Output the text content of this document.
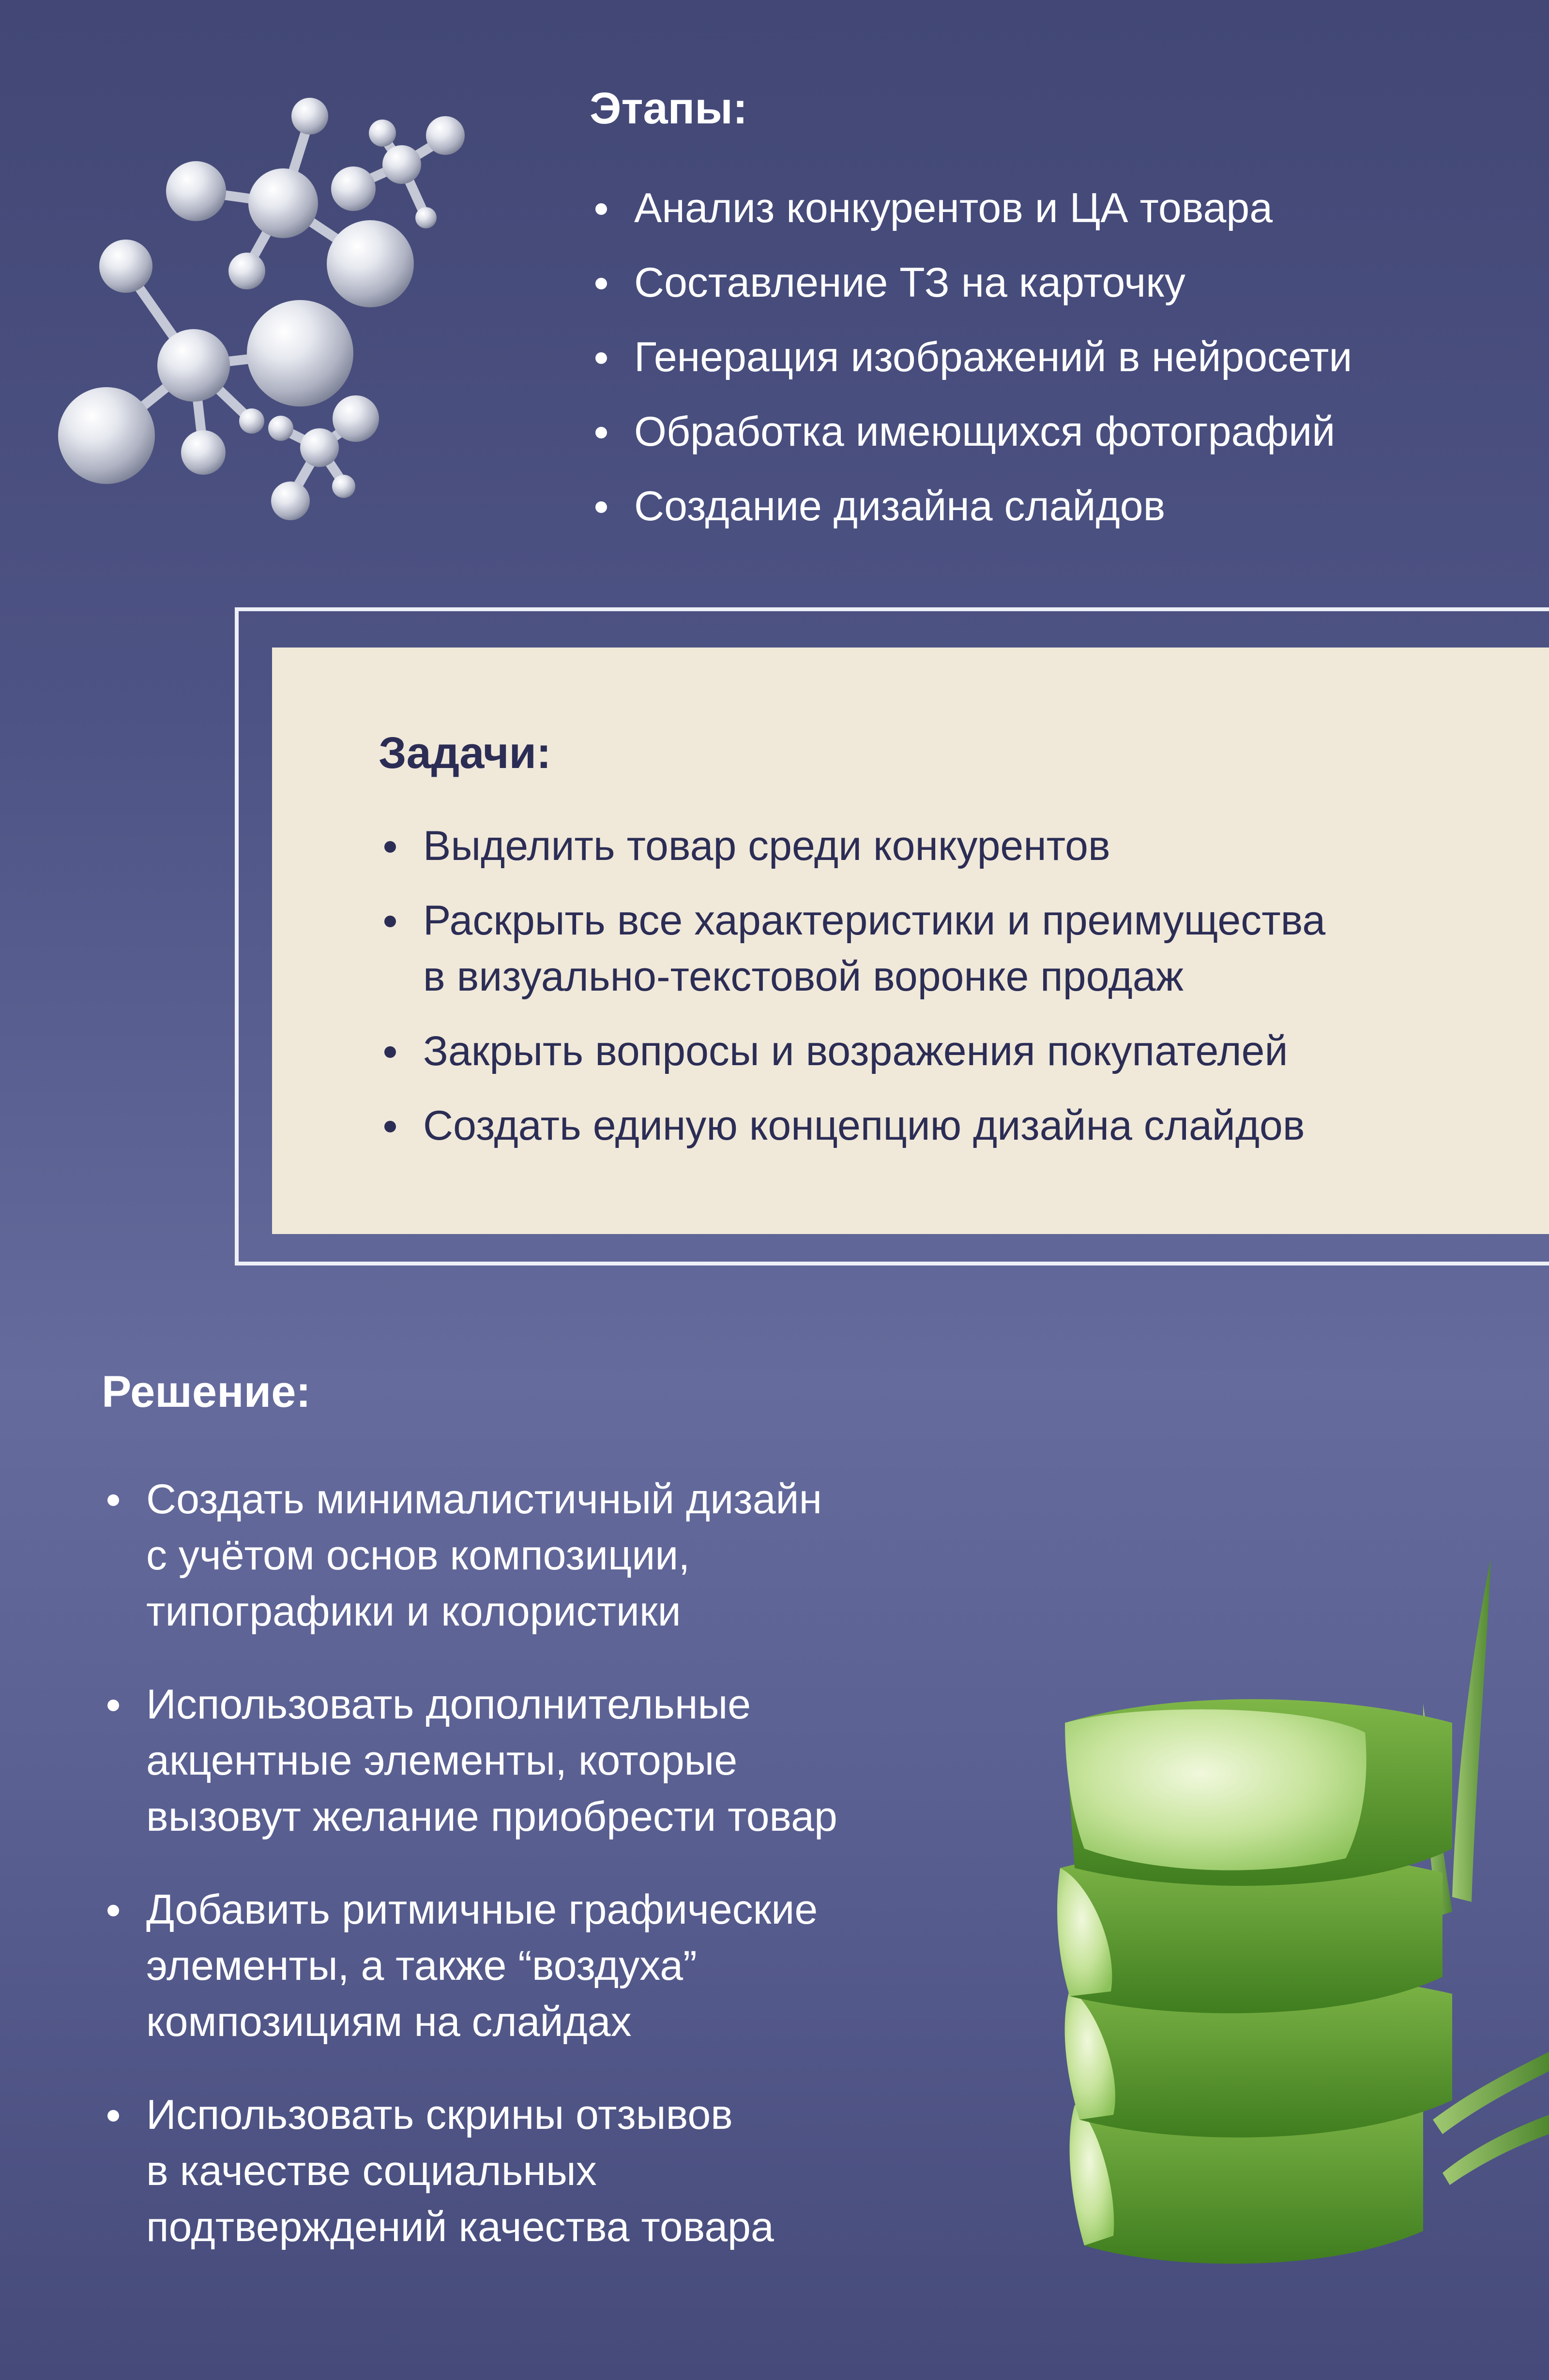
Этапы:
Анализ конкурентов и ЦА товара
Составление ТЗ на карточку
Генерация изображений в нейросети
Обработка имеющихся фотографий
Создание дизайна слайдов
Задачи:
Выделить товар среди конкурентов
Раскрыть все характеристики и преимущества
в визуально-текстовой воронке продаж
Закрыть вопросы и возражения покупателей
Создать единую концепцию дизайна слайдов
Решение:
Создать минималистичный дизайн
с учётом основ композиции,
типографики и колористики
Использовать дополнительные
акцентные элементы, которые
вызовут желание приобрести товар
Добавить ритмичные графические
элементы, а также “воздуха”
композициям на слайдах
Использовать скрины отзывов
в качестве социальных
подтверждений качества товара
